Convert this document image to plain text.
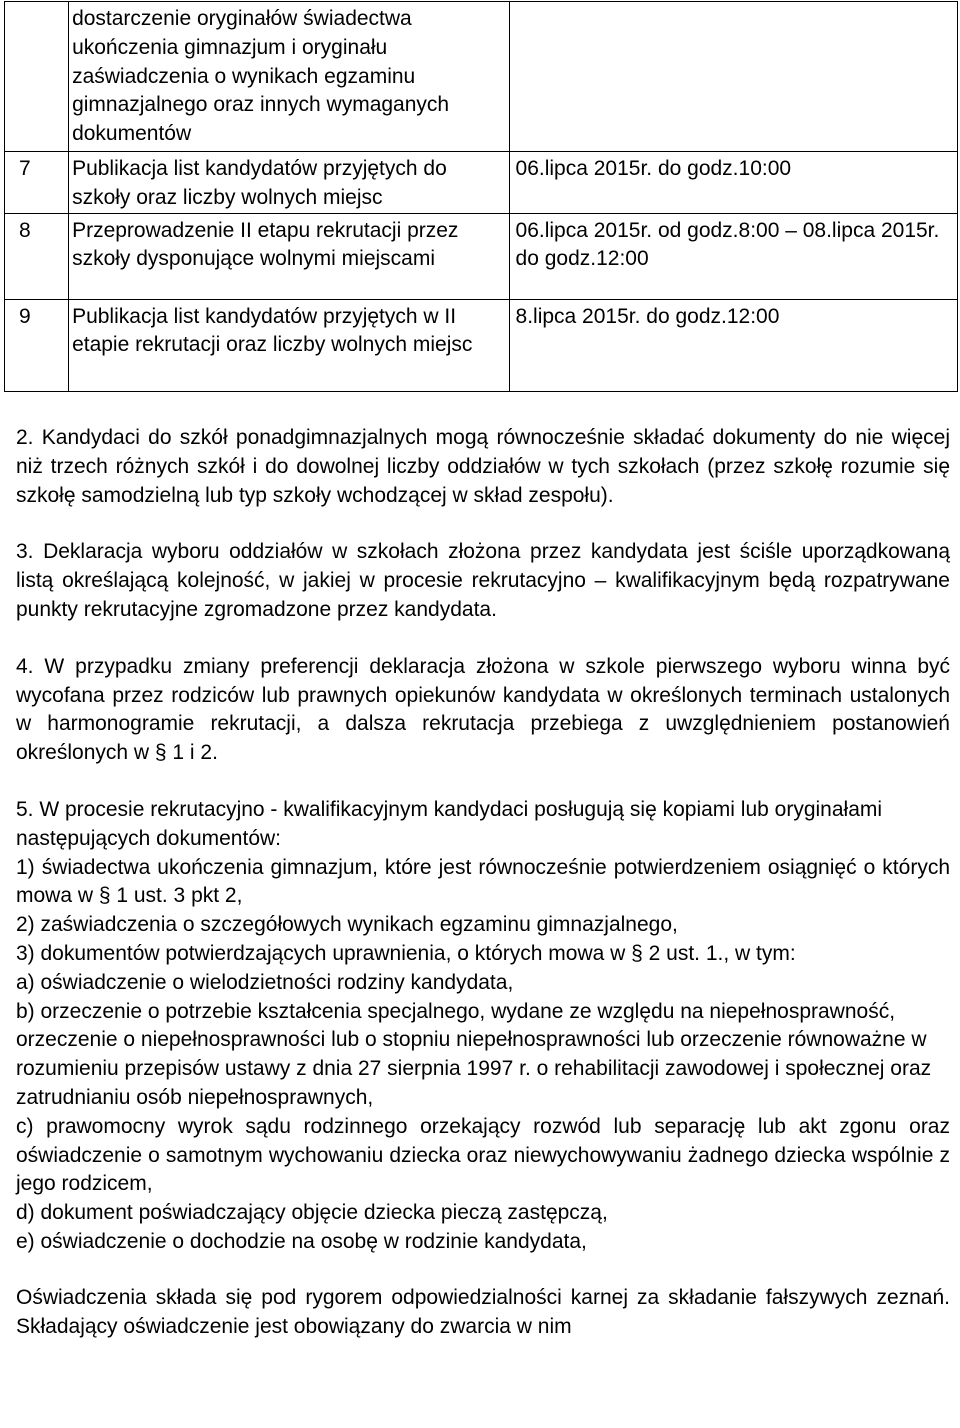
	dostarczenie oryginałów świadectwa ukończenia gimnazjum i oryginału zaświadczenia o wynikach egzaminu gimnazjalnego oraz innych wymaganych dokumentów	
7	Publikacja list kandydatów przyjętych do szkoły oraz liczby wolnych miejsc	06.lipca 2015r. do godz.10:00
8	Przeprowadzenie II etapu rekrutacji przez szkoły dysponujące wolnymi miejscami	06.lipca 2015r. od godz.8:00 – 08.lipca 2015r. do godz.12:00
9	Publikacja list kandydatów przyjętych w II etapie rekrutacji oraz liczby wolnych miejsc	8.lipca 2015r. do godz.12:00

2. Kandydaci do szkół ponadgimnazjalnych mogą równocześnie składać dokumenty do nie więcej niż trzech różnych szkół i do dowolnej liczby oddziałów w tych szkołach (przez szkołę rozumie się szkołę samodzielną lub typ szkoły wchodzącej w skład zespołu).

3. Deklaracja wyboru oddziałów w szkołach złożona przez kandydata jest ściśle uporządkowaną listą określającą kolejność, w jakiej w procesie rekrutacyjno – kwalifikacyjnym będą rozpatrywane punkty rekrutacyjne zgromadzone przez kandydata.

4. W przypadku zmiany preferencji deklaracja złożona w szkole pierwszego wyboru winna być wycofana przez rodziców lub prawnych opiekunów kandydata w określonych terminach ustalonych w harmonogramie rekrutacji, a dalsza rekrutacja przebiega z uwzględnieniem postanowień określonych w § 1 i 2.

5. W procesie rekrutacyjno - kwalifikacyjnym kandydaci posługują się kopiami lub oryginałami następujących dokumentów:

1) świadectwa ukończenia gimnazjum, które jest równocześnie potwierdzeniem osiągnięć o których mowa w § 1 ust. 3 pkt 2,

2) zaświadczenia o szczegółowych wynikach egzaminu gimnazjalnego,

3) dokumentów potwierdzających uprawnienia, o których mowa w § 2 ust. 1., w tym:

a) oświadczenie o wielodzietności rodziny kandydata,

b) orzeczenie o potrzebie kształcenia specjalnego, wydane ze względu na niepełnosprawność, orzeczenie o niepełnosprawności lub o stopniu niepełnosprawności lub orzeczenie równoważne w rozumieniu przepisów ustawy z dnia 27 sierpnia 1997 r. o rehabilitacji zawodowej i społecznej oraz zatrudnianiu osób niepełnosprawnych,

c) prawomocny wyrok sądu rodzinnego orzekający rozwód lub separację lub akt zgonu oraz oświadczenie o samotnym wychowaniu dziecka oraz niewychowywaniu żadnego dziecka wspólnie z jego rodzicem,

d) dokument poświadczający objęcie dziecka pieczą zastępczą,

e) oświadczenie o dochodzie na osobę w rodzinie kandydata,

Oświadczenia składa się pod rygorem odpowiedzialności karnej za składanie fałszywych zeznań. Składający oświadczenie jest obowiązany do zwarcia w nim
